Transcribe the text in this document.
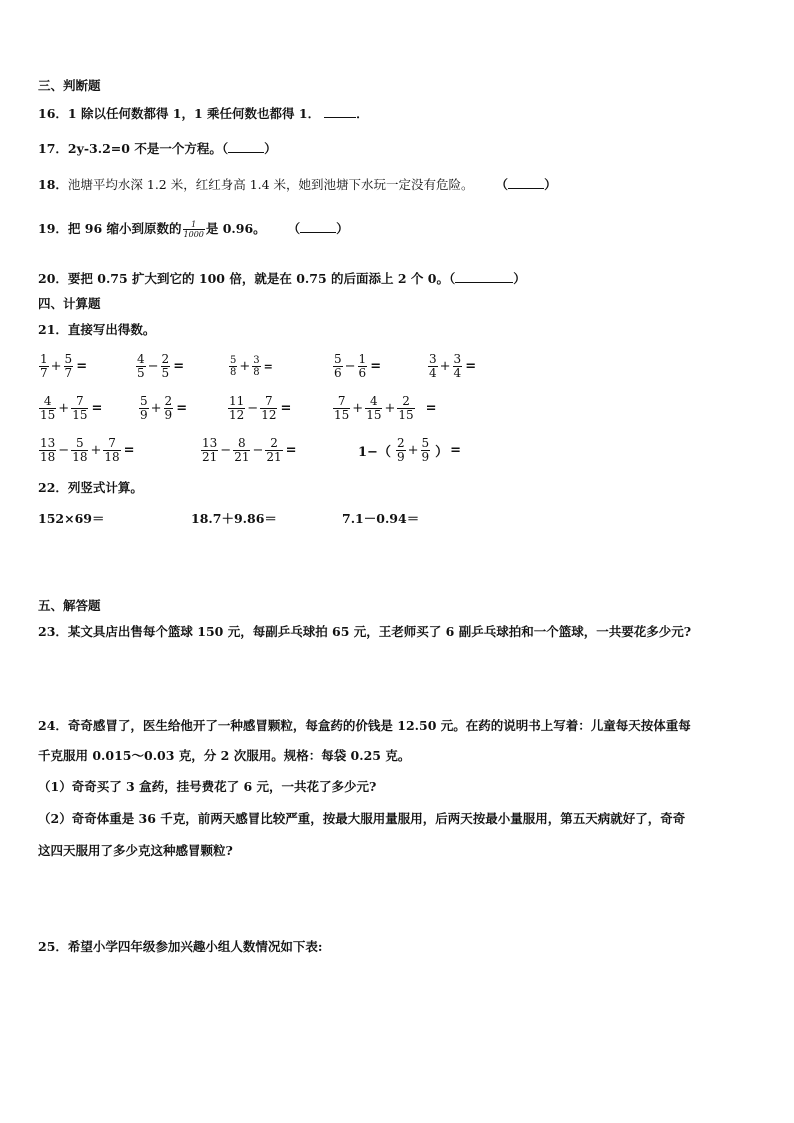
三、判断题
16．1 除以任何数都得 1，1 乘任何数也都得 1．	．
17．2y-3.2=0 不是一个方程。（	）
18．池塘平均水深 1.2 米，红红身高 1.4 米，她到池塘下水玩一定没有危险。 （	）
19．把 96 缩小到原数的 $\frac{1}{1000}$ 是 0.96。 （	）
20．要把 0.75 扩大到它的 100 倍，就是在 0.75 的后面添上 2 个 0。（	）
四、计算题
21．直接写出得数。
$\frac{1}{7} + \frac{5}{7}$ =	$\frac{4}{5} - \frac{2}{5}$ =	$\frac{5}{8} + \frac{3}{8}$ =	$\frac{5}{6} - \frac{1}{6}$ =	$\frac{3}{4} + \frac{3}{4}$ =
$\frac{4}{15} + \frac{7}{15}$ =	$\frac{5}{9} + \frac{2}{9}$ =	$\frac{11}{12} - \frac{7}{12}$ =	$\frac{7}{15} + \frac{4}{15} + \frac{2}{15}$ =
$\frac{13}{18} - \frac{5}{18} + \frac{7}{18}$ =	$\frac{13}{21} - \frac{8}{21} - \frac{2}{21}$ =	$1-( \frac{2}{9} + \frac{5}{9}$ ） =
22．列竖式计算。
152×69＝	18.7＋9.86＝	7.1－0.94＝
五、解答题
23．某文具店出售每个篮球 150 元，每副乒乓球拍 65 元，王老师买了 6 副乒乓球拍和一个篮球，一共要花多少元?
24．奇奇感冒了，医生给他开了一种感冒颗粒，每盒药的价钱是 12.50 元。在药的说明书上写着：儿童每天按体重每
千克服用 0.015～0.03 克，分 2 次服用。规格：每袋 0.25 克。
（1）奇奇买了 3 盒药，挂号费花了 6 元，一共花了多少元?
（2）奇奇体重是 36 千克，前两天感冒比较严重，按最大服用量服用，后两天按最小量服用，第五天病就好了，奇奇
这四天服用了多少克这种感冒颗粒?
25．希望小学四年级参加兴趣小组人数情况如下表:
